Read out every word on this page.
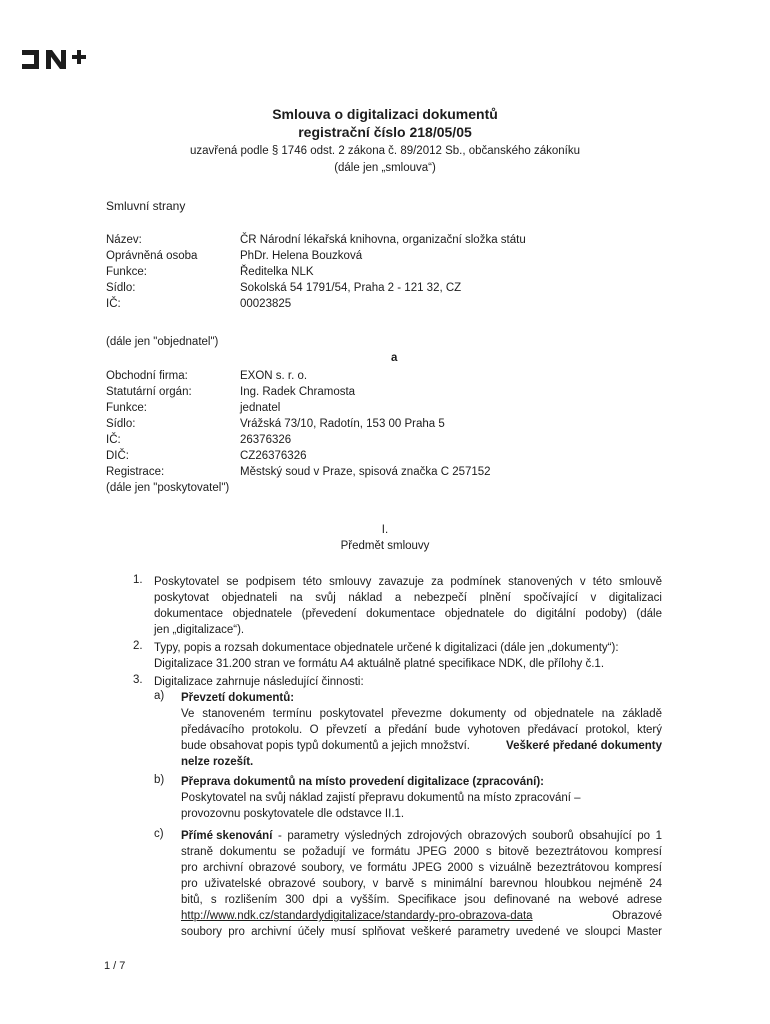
Smlouva o digitalizaci dokumentů
registrační číslo 218/05/05
uzavřená podle § 1746 odst. 2 zákona č. 89/2012 Sb., občanského zákoníku
(dále jen „smlouva“)
Smluvní strany
Název:	ČR Národní lékařská knihovna, organizační složka státu
Oprávněná osoba	PhDr. Helena Bouzková
Funkce:	Ředitelka NLK
Sídlo:	Sokolská 54 1791/54, Praha 2 - 121 32, CZ
IČ:	00023825
(dále jen "objednatel")
a
Obchodní firma:	EXON s. r. o.
Statutární orgán:	Ing. Radek Chramosta
Funkce:	jednatel
Sídlo:	Vrážská 73/10, Radotín, 153 00 Praha 5
IČ:	26376326
DIČ:	CZ26376326
Registrace:	Městský soud v Praze, spisová značka C 257152
(dále jen "poskytovatel")
I.
Předmět smlouvy
1. Poskytovatel se podpisem této smlouvy zavazuje za podmínek stanovených v této smlouvě
poskytovat objednateli na svůj náklad a nebezpečí plnění spočívající v digitalizaci
dokumentace objednatele (převedení dokumentace objednatele do digitální podoby) (dále
jen „digitalizace“).
2. Typy, popis a rozsah dokumentace objednatele určené k digitalizaci (dále jen „dokumenty“):
Digitalizace 31.200 stran ve formátu A4 aktuálně platné specifikace NDK, dle přílohy č.1.
3. Digitalizace zahrnuje následující činnosti:
a) Převzetí dokumentů:
Ve stanoveném termínu poskytovatel převezme dokumenty od objednatele na základě
předávacího protokolu. O převzetí a předání bude vyhotoven předávací protokol, který
bude obsahovat popis typů dokumentů a jejich množství.	Veškeré předané dokumenty
nelze rozešít.
b) Přeprava dokumentů na místo provedení digitalizace (zpracování):
Poskytovatel na svůj náklad zajistí přepravu dokumentů na místo zpracování –
provozovnu poskytovatele dle odstavce II.1.
c) Přímé skenování - parametry výsledných zdrojových obrazových souborů obsahující po 1
straně dokumentu se požadují ve formátu JPEG 2000 s bitově bezeztrátovou kompresí
pro archivní obrazové soubory, ve formátu JPEG 2000 s vizuálně bezeztrátovou kompresí
pro uživatelské obrazové soubory, v barvě s minimální barevnou hloubkou nejméně 24
bitů, s rozlišením 300 dpi a vyšším. Specifikace jsou definované na webové adrese
http://www.ndk.cz/standardydigitalizace/standardy-pro-obrazova-data	Obrazové
soubory pro archivní účely musí splňovat veškeré parametry uvedené ve sloupci Master
1 / 7
